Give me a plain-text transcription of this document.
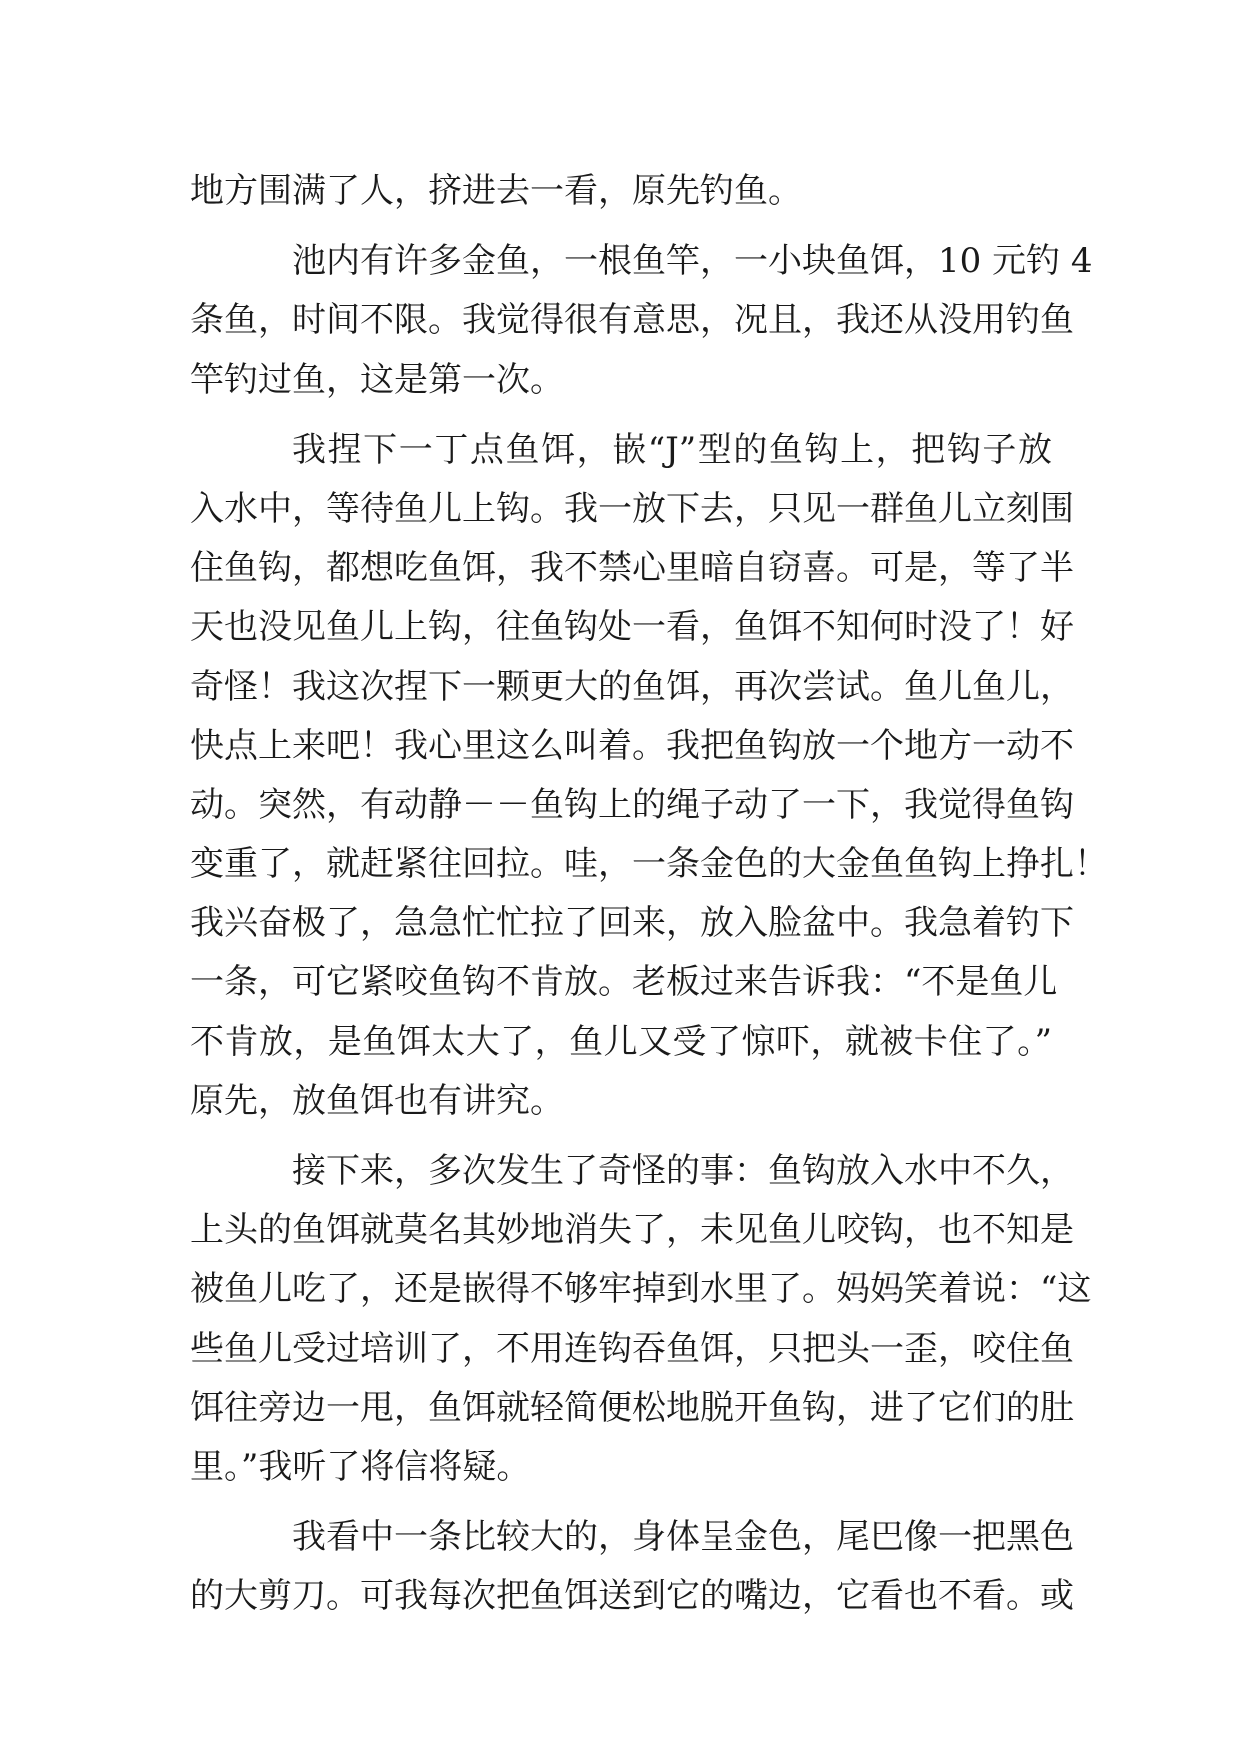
地方围满了人，挤进去一看，原先钓鱼。
池内有许多金鱼，一根鱼竿，一小块鱼饵，10 元钓 4
条鱼，时间不限。我觉得很有意思，况且，我还从没用钓鱼
竿钓过鱼，这是第一次。
我捏下一丁点鱼饵，嵌“J”型的鱼钩上，把钩子放
入水中，等待鱼儿上钩。我一放下去，只见一群鱼儿立刻围
住鱼钩，都想吃鱼饵，我不禁心里暗自窃喜。可是，等了半
天也没见鱼儿上钩，往鱼钩处一看，鱼饵不知何时没了！好
奇怪！我这次捏下一颗更大的鱼饵，再次尝试。鱼儿鱼儿，
快点上来吧！我心里这么叫着。我把鱼钩放一个地方一动不
动。突然，有动静－－鱼钩上的绳子动了一下，我觉得鱼钩
变重了，就赶紧往回拉。哇，一条金色的大金鱼鱼钩上挣扎！
我兴奋极了，急急忙忙拉了回来，放入脸盆中。我急着钓下
一条，可它紧咬鱼钩不肯放。老板过来告诉我：“不是鱼儿
不肯放，是鱼饵太大了，鱼儿又受了惊吓，就被卡住了。”
原先，放鱼饵也有讲究。
接下来，多次发生了奇怪的事：鱼钩放入水中不久，
上头的鱼饵就莫名其妙地消失了，未见鱼儿咬钩，也不知是
被鱼儿吃了，还是嵌得不够牢掉到水里了。妈妈笑着说：“这
些鱼儿受过培训了，不用连钩吞鱼饵，只把头一歪，咬住鱼
饵往旁边一甩，鱼饵就轻简便松地脱开鱼钩，进了它们的肚
里。”我听了将信将疑。
我看中一条比较大的，身体呈金色，尾巴像一把黑色
的大剪刀。可我每次把鱼饵送到它的嘴边，它看也不看。或
